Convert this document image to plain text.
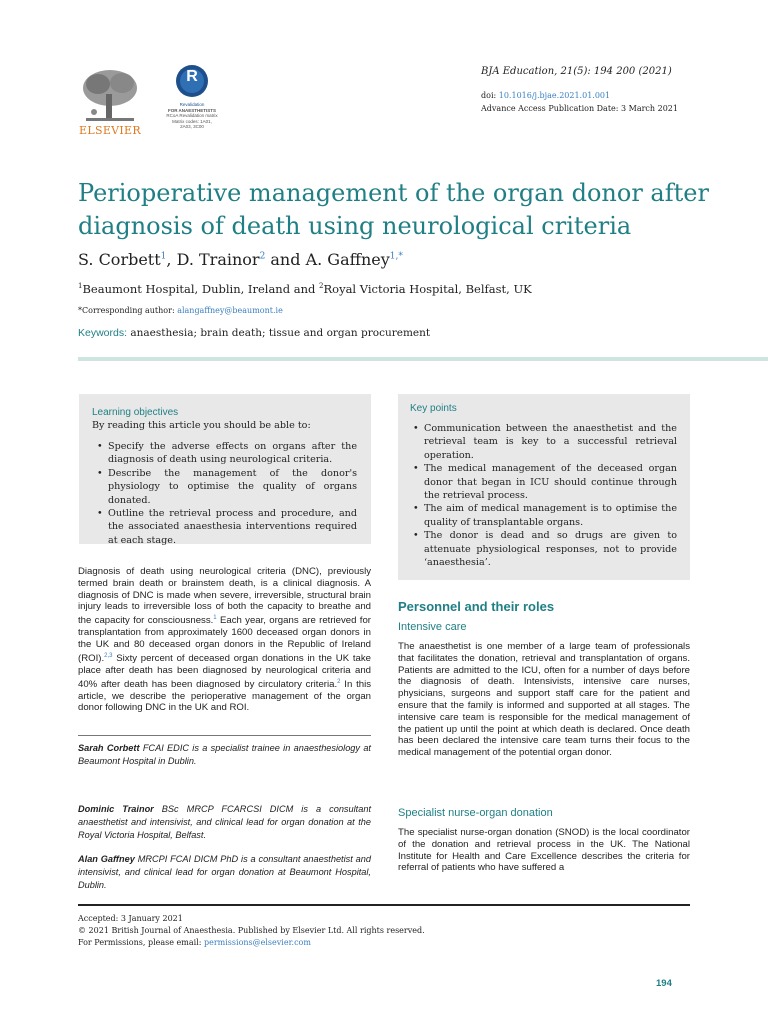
ELSEVIER
R
Revalidation
FOR ANAESTHETISTS
RCoA Revalidation matrix
Matrix codes: 1A01,
2A03, 3C00
BJA Education, 21(5): 194 200 (2021)
doi: 10.1016/j.bjae.2021.01.001
Advance Access Publication Date: 3 March 2021
Perioperative management of the organ donor after diagnosis of death using neurological criteria
S. Corbett$^1$, D. Trainor$^2$ and A. Gaffney$^{1,*}$
$^1$Beaumont Hospital, Dublin, Ireland and $^2$Royal Victoria Hospital, Belfast, UK
*Corresponding author: alangaffney@beaumont.ie
Keywords: anaesthesia; brain death; tissue and organ procurement
Learning objectives
By reading this article you should be able to:
• Specify the adverse effects on organs after the diagnosis of death using neurological criteria.
• Describe the management of the donor's physiology to optimise the quality of organs donated.
• Outline the retrieval process and procedure, and the associated anaesthesia interventions required at each stage.
Key points
• Communication between the anaesthetist and the retrieval team is key to a successful retrieval operation.
• The medical management of the deceased organ donor that began in ICU should continue through the retrieval process.
• The aim of medical management is to optimise the quality of transplantable organs.
• The donor is dead and so drugs are given to attenuate physiological responses, not to provide ‘anaesthesia’.
Diagnosis of death using neurological criteria (DNC), previously termed brain death or brainstem death, is a clinical diagnosis. A diagnosis of DNC is made when severe, irreversible, structural brain injury leads to irreversible loss of both the capacity to breathe and the capacity for consciousness.$^1$ Each year, organs are retrieved for transplantation from approximately 1600 deceased organ donors in the UK and 80 deceased organ donors in the Republic of Ireland (ROI).$^{2,3}$ Sixty percent of deceased organ donations in the UK take place after death has been diagnosed by neurological criteria and 40% after death has been diagnosed by circulatory criteria.$^2$ In this article, we describe the perioperative management of the organ donor following DNC in the UK and ROI.
Sarah Corbett FCAI EDIC is a specialist trainee in anaesthesiology at Beaumont Hospital in Dublin.
Dominic Trainor BSc MRCP FCARCSI DICM is a consultant anaesthetist and intensivist, and clinical lead for organ donation at the Royal Victoria Hospital, Belfast.
Alan Gaffney MRCPI FCAI DICM PhD is a consultant anaesthetist and intensivist, and clinical lead for organ donation at Beaumont Hospital, Dublin.
Personnel and their roles
Intensive care
The anaesthetist is one member of a large team of professionals that facilitates the donation, retrieval and transplantation of organs. Patients are admitted to the ICU, often for a number of days before the diagnosis of death. Intensivists, intensive care nurses, physicians, surgeons and support staff care for the patient and ensure that the family is informed and supported at all stages. The intensive care team is responsible for the medical management of the patient up until the point at which death is declared. Once death has been declared the intensive care team turns their focus to the medical management of the potential organ donor.
Specialist nurse-organ donation
The specialist nurse-organ donation (SNOD) is the local coordinator of the donation and retrieval process in the UK. The National Institute for Health and Care Excellence describes the criteria for referral of patients who have suffered a
Accepted: 3 January 2021
© 2021 British Journal of Anaesthesia. Published by Elsevier Ltd. All rights reserved.
For Permissions, please email: permissions@elsevier.com
194
